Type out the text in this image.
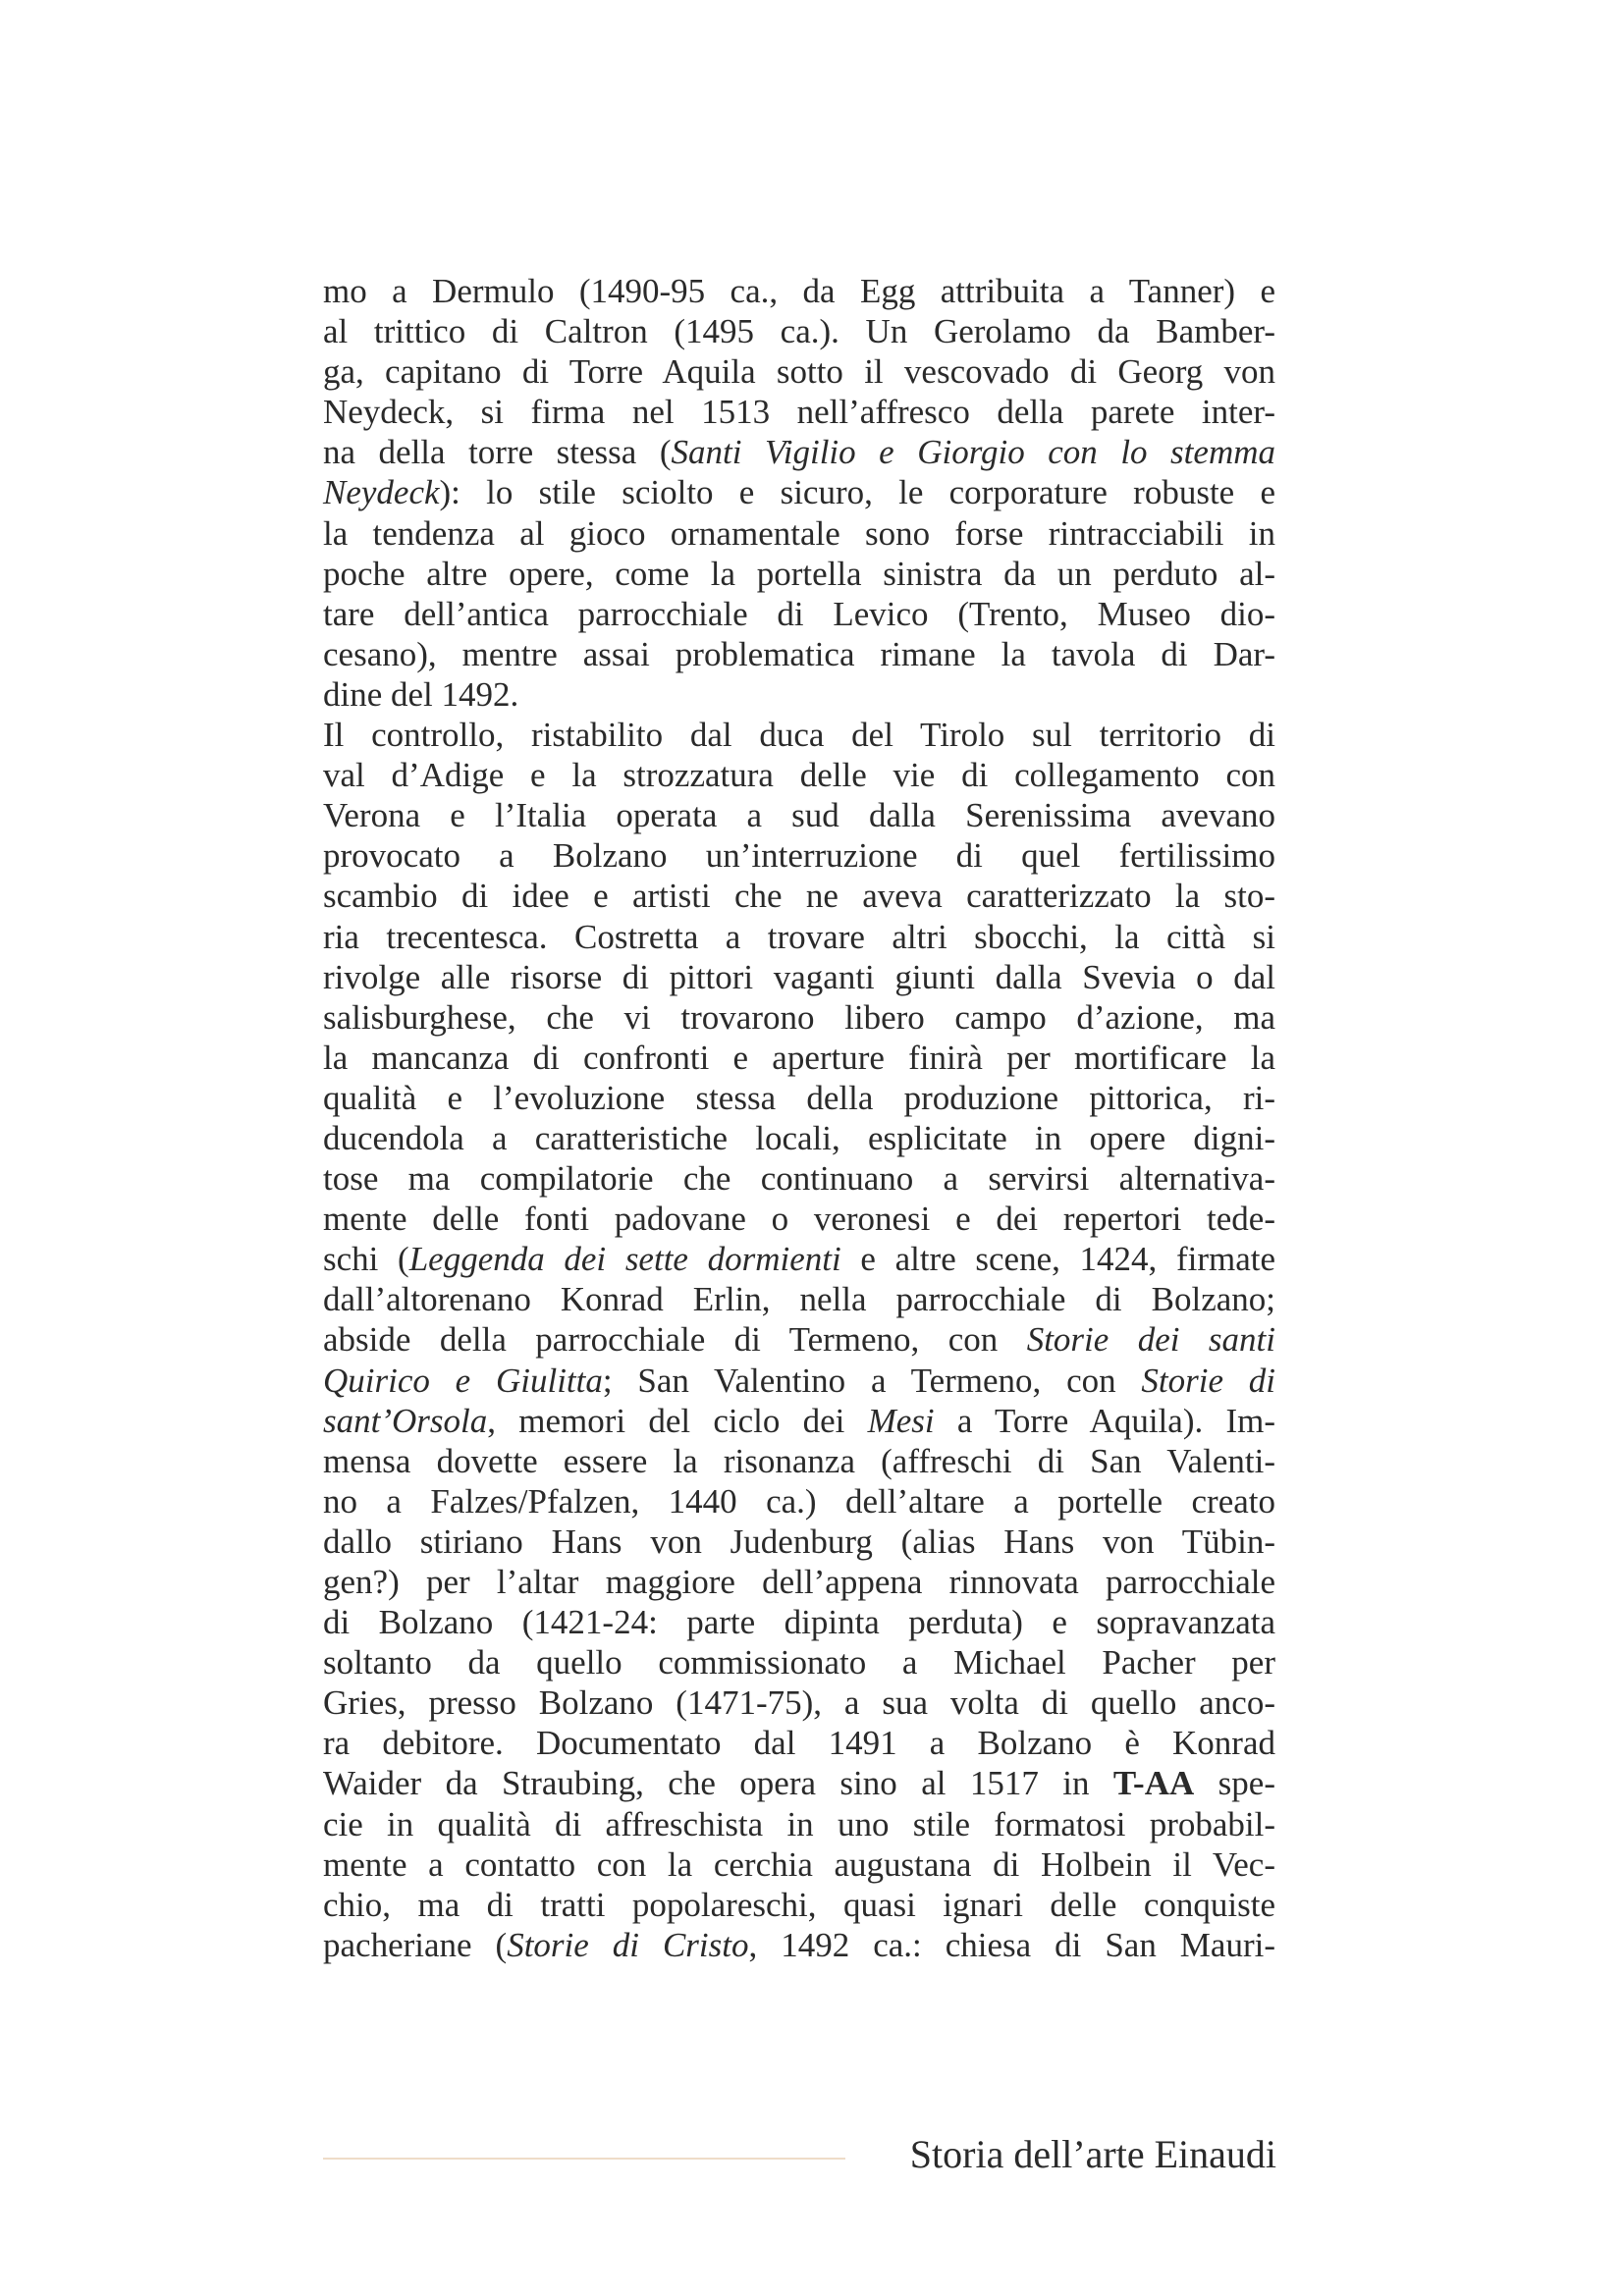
mo a Dermulo (1490-95 ca., da Egg attribuita a Tanner) e
al trittico di Caltron (1495 ca.). Un Gerolamo da Bamber-
ga, capitano di Torre Aquila sotto il vescovado di Georg von
Neydeck, si firma nel 1513 nell’affresco della parete inter-
na della torre stessa (Santi Vigilio e Giorgio con lo stemma
Neydeck): lo stile sciolto e sicuro, le corporature robuste e
la tendenza al gioco ornamentale sono forse rintracciabili in
poche altre opere, come la portella sinistra da un perduto al-
tare dell’antica parrocchiale di Levico (Trento, Museo dio-
cesano), mentre assai problematica rimane la tavola di Dar-
dine del 1492.
Il controllo, ristabilito dal duca del Tirolo sul territorio di
val d’Adige e la strozzatura delle vie di collegamento con
Verona e l’Italia operata a sud dalla Serenissima avevano
provocato a Bolzano un’interruzione di quel fertilissimo
scambio di idee e artisti che ne aveva caratterizzato la sto-
ria trecentesca. Costretta a trovare altri sbocchi, la città si
rivolge alle risorse di pittori vaganti giunti dalla Svevia o dal
salisburghese, che vi trovarono libero campo d’azione, ma
la mancanza di confronti e aperture finirà per mortificare la
qualità e l’evoluzione stessa della produzione pittorica, ri-
ducendola a caratteristiche locali, esplicitate in opere digni-
tose ma compilatorie che continuano a servirsi alternativa-
mente delle fonti padovane o veronesi e dei repertori tede-
schi (Leggenda dei sette dormienti e altre scene, 1424, firmate
dall’altorenano Konrad Erlin, nella parrocchiale di Bolzano;
abside della parrocchiale di Termeno, con Storie dei santi
Quirico e Giulitta; San Valentino a Termeno, con Storie di
sant’Orsola, memori del ciclo dei Mesi a Torre Aquila). Im-
mensa dovette essere la risonanza (affreschi di San Valenti-
no a Falzes/Pfalzen, 1440 ca.) dell’altare a portelle creato
dallo stiriano Hans von Judenburg (alias Hans von Tübin-
gen?) per l’altar maggiore dell’appena rinnovata parrocchiale
di Bolzano (1421-24: parte dipinta perduta) e sopravanzata
soltanto da quello commissionato a Michael Pacher per
Gries, presso Bolzano (1471-75), a sua volta di quello anco-
ra debitore. Documentato dal 1491 a Bolzano è Konrad
Waider da Straubing, che opera sino al 1517 in T-AA spe-
cie in qualità di affreschista in uno stile formatosi probabil-
mente a contatto con la cerchia augustana di Holbein il Vec-
chio, ma di tratti popolareschi, quasi ignari delle conquiste
pacheriane (Storie di Cristo, 1492 ca.: chiesa di San Mauri-
Storia dell’arte Einaudi
